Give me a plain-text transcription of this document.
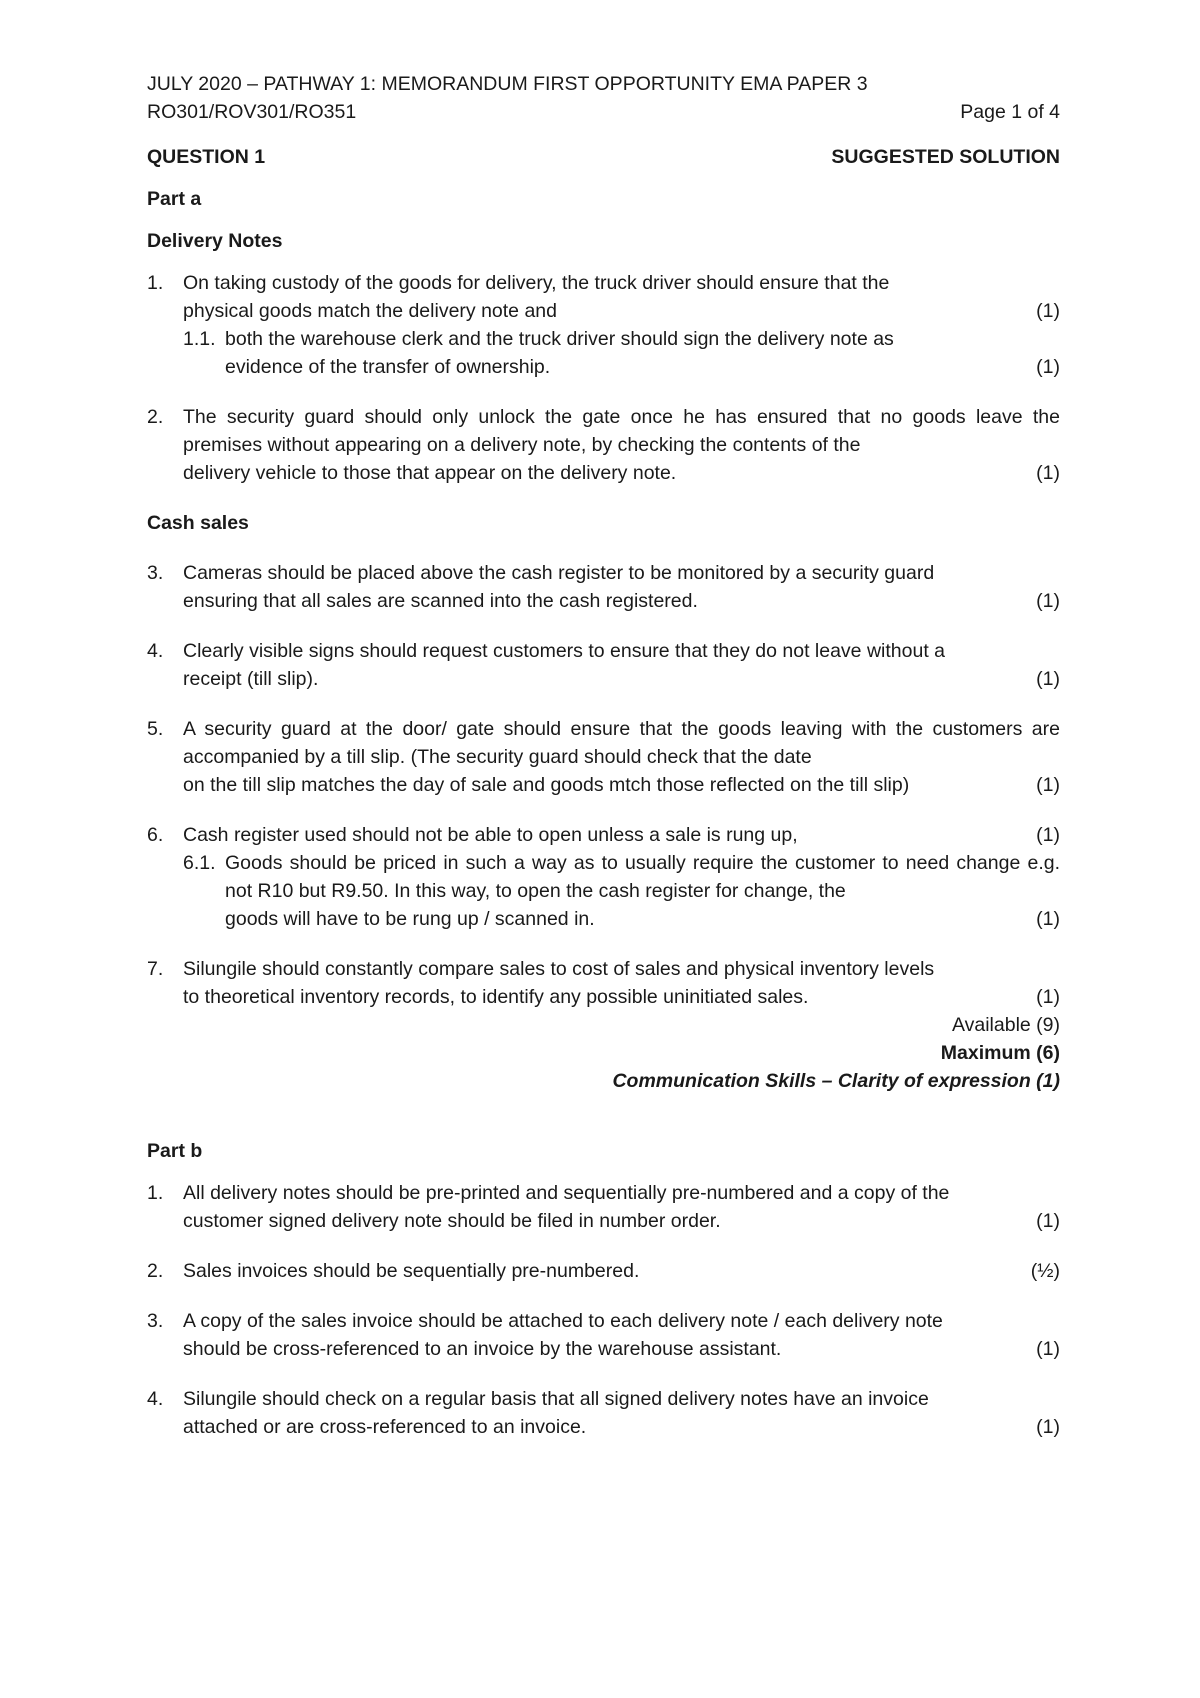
JULY 2020 – PATHWAY 1: MEMORANDUM FIRST OPPORTUNITY EMA PAPER 3
RO301/ROV301/RO351	Page 1 of 4
QUESTION 1	SUGGESTED SOLUTION
Part a
Delivery Notes
1.	On taking custody of the goods for delivery, the truck driver should ensure that the
physical goods match the delivery note and	(1)
1.1. both the warehouse clerk and the truck driver should sign the delivery note as
evidence of the transfer of ownership.	(1)
2.	The security guard should only unlock the gate once he has ensured that no goods leave the premises without appearing on a delivery note, by checking the contents of the
delivery vehicle to those that appear on the delivery note.	(1)
Cash sales
3.	Cameras should be placed above the cash register to be monitored by a security guard
ensuring that all sales are scanned into the cash registered.	(1)
4.	Clearly visible signs should request customers to ensure that they do not leave without a
receipt (till slip).	(1)
5.	A security guard at the door/ gate should ensure that the goods leaving with the customers are accompanied by a till slip. (The security guard should check that the date
on the till slip matches the day of sale and goods mtch those reflected on the till slip)	(1)
6.	Cash register used should not be able to open unless a sale is rung up,	(1)
6.1. Goods should be priced in such a way as to usually require the customer to need change e.g. not R10 but R9.50. In this way, to open the cash register for change, the
goods will have to be rung up / scanned in.	(1)
7.	Silungile should constantly compare sales to cost of sales and physical inventory levels
to theoretical inventory records, to identify any possible uninitiated sales.	(1)
Available (9)
Maximum (6)
Communication Skills – Clarity of expression (1)
Part b
1.	All delivery notes should be pre-printed and sequentially pre-numbered and a copy of the
customer signed delivery note should be filed in number order.	(1)
2.	Sales invoices should be sequentially pre-numbered.	(½)
3.	A copy of the sales invoice should be attached to each delivery note / each delivery note
should be cross-referenced to an invoice by the warehouse assistant.	(1)
4.	Silungile should check on a regular basis that all signed delivery notes have an invoice
attached or are cross-referenced to an invoice.	(1)
